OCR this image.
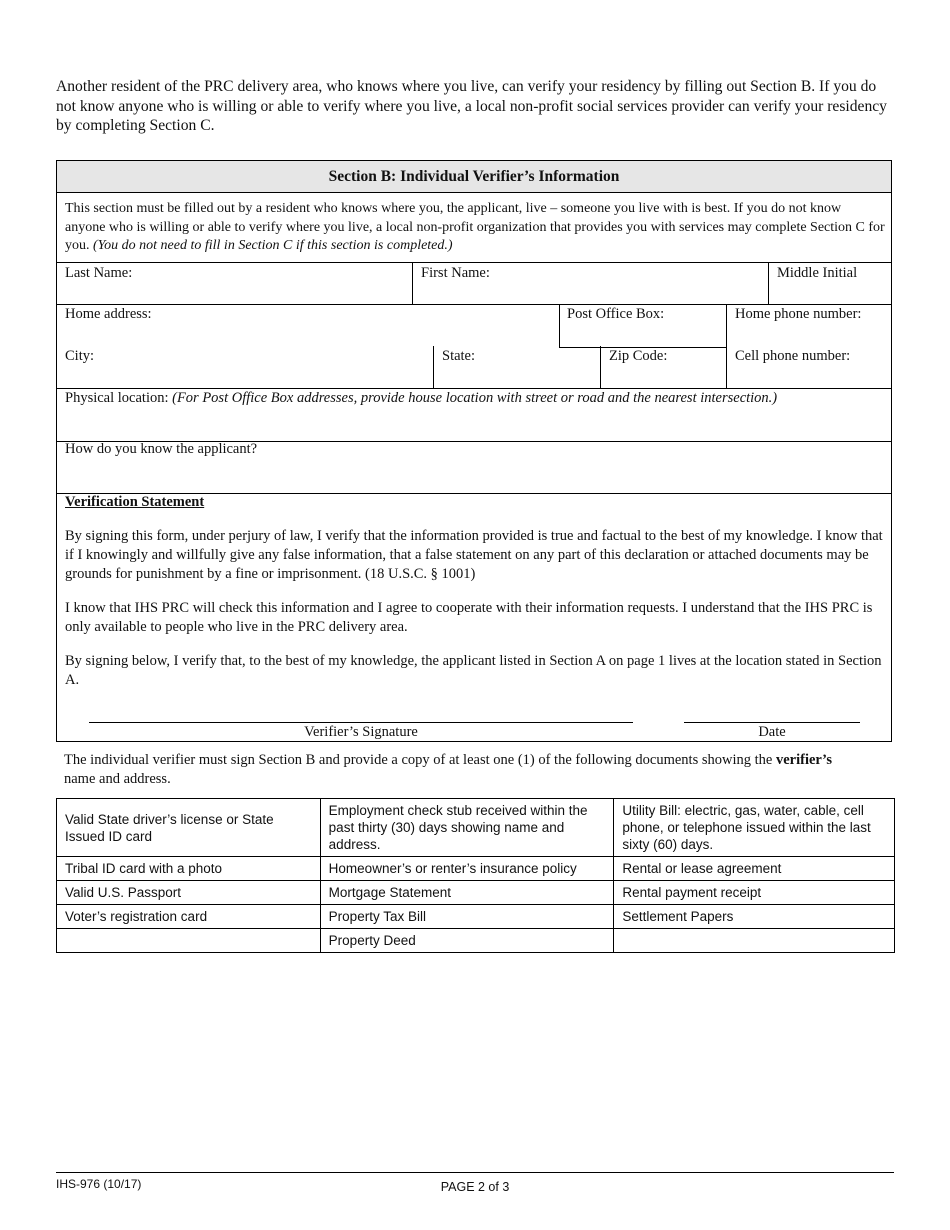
Another resident of the PRC delivery area, who knows where you live, can verify your residency by filling out Section B. If you do not know anyone who is willing or able to verify where you live, a local non-profit social services provider can verify your residency by completing Section C.
Section B: Individual Verifier’s Information
This section must be filled out by a resident who knows where you, the applicant, live – someone you live with is best. If you do not know anyone who is willing or able to verify where you live, a local non-profit organization that provides you with services may complete Section C for you. (You do not need to fill in Section C if this section is completed.)
Last Name:	First Name:	Middle Initial
Home address:	Post Office Box:	Home phone number:
City:	State:	Zip Code:	Cell phone number:
Physical location: (For Post Office Box addresses, provide house location with street or road and the nearest intersection.)
How do you know the applicant?
Verification Statement
By signing this form, under perjury of law, I verify that the information provided is true and factual to the best of my knowledge. I know that if I knowingly and willfully give any false information, that a false statement on any part of this declaration or attached documents may be grounds for punishment by a fine or imprisonment. (18 U.S.C. § 1001)
I know that IHS PRC will check this information and I agree to cooperate with their information requests. I understand that the IHS PRC is only available to people who live in the PRC delivery area.
By signing below, I verify that, to the best of my knowledge, the applicant listed in Section A on page 1 lives at the location stated in Section A.
Verifier’s Signature	Date
The individual verifier must sign Section B and provide a copy of at least one (1) of the following documents showing the verifier’s name and address.
Valid State driver’s license or State Issued ID card	Employment check stub received within the past thirty (30) days showing name and address.	Utility Bill: electric, gas, water, cable, cell phone, or telephone issued within the last sixty (60) days.
Tribal ID card with a photo	Homeowner’s or renter’s insurance policy	Rental or lease agreement
Valid U.S. Passport	Mortgage Statement	Rental payment receipt
Voter’s registration card	Property Tax Bill	Settlement Papers
	Property Deed	
IHS-976 (10/17)	PAGE 2 of 3
